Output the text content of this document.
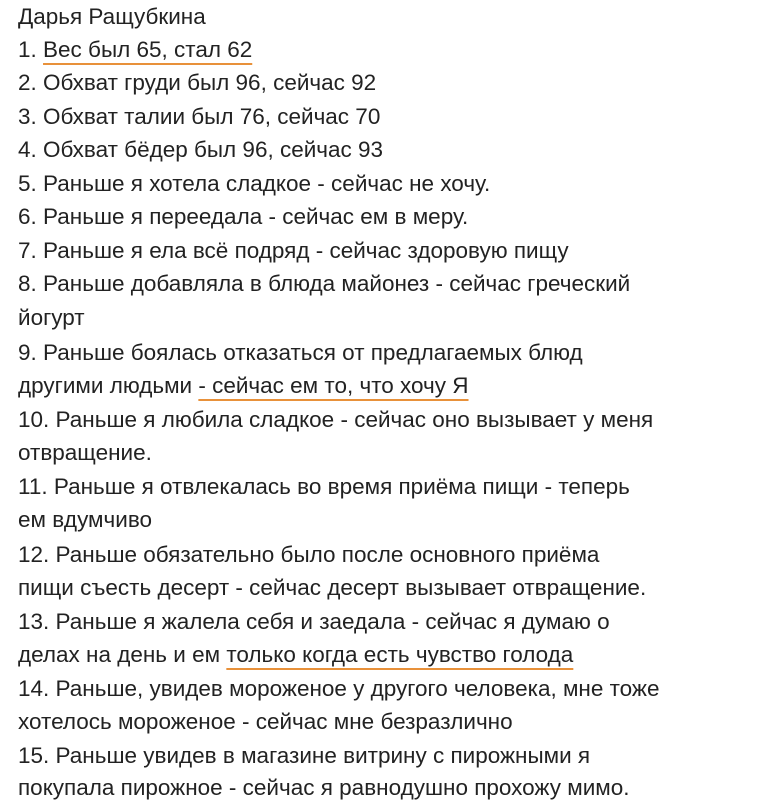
Дарья Ращубкина
1. Вес был 65, стал 62
2. Обхват груди был 96, сейчас 92
3. Обхват талии был 76, сейчас 70
4. Обхват бёдер был 96, сейчас 93
5. Раньше я хотела сладкое - сейчас не хочу.
6. Раньше я переедала - сейчас ем в меру.
7. Раньше я ела всё подряд - сейчас здоровую пищу
8. Раньше добавляла в блюда майонез - сейчас греческий
йогурт
9. Раньше боялась отказаться от предлагаемых блюд
другими людьми - сейчас ем то, что хочу Я
10. Раньше я любила сладкое - сейчас оно вызывает у меня
отвращение.
11. Раньше я отвлекалась во время приёма пищи - теперь
ем вдумчиво
12. Раньше обязательно было после основного приёма
пищи съесть десерт - сейчас десерт вызывает отвращение.
13. Раньше я жалела себя и заедала - сейчас я думаю о
делах на день и ем только когда есть чувство голода
14. Раньше, увидев мороженое у другого человека, мне тоже
хотелось мороженое - сейчас мне безразлично
15. Раньше увидев в магазине витрину с пирожными я
покупала пирожное - сейчас я равнодушно прохожу мимо.
